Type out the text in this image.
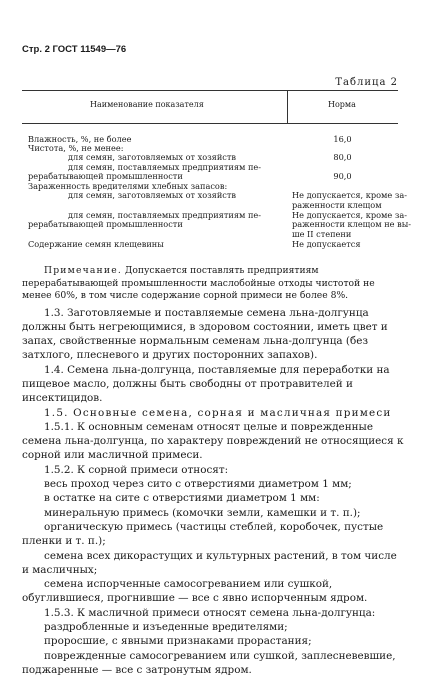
Стр. 2 ГОСТ 11549—76
Таблица 2
Наименование показателя	Норма
Влажность, %, не более	16,0
Чистота, %, не менее:
для семян, заготовляемых от хозяйств	80,0
для семян, поставляемых предприятиям пе-
рерабатывающей промышленности	90,0
Зараженность вредителями хлебных запасов:
для семян, заготовляемых от хозяйств	Не допускается, кроме за-
раженности клещом
для семян, поставляемых предприятиям пе-	Не допускается, кроме за-
рерабатывающей промышленности	раженности клещом не вы-
ше II степени
Содержание семян клещевины	Не допускается

Примечание. Допускается поставлять предприятиям перерабатывающей промышленности маслобойные отходы чистотой не менее 60%, в том числе содержание сорной примеси не более 8%.

1.3. Заготовляемые и поставляемые семена льна-долгунца должны быть негреющимися, в здоровом состоянии, иметь цвет и запах, свойственные нормальным семенам льна-долгунца (без затхлого, плесневого и других посторонних запахов).

1.4. Семена льна-долгунца, поставляемые для переработки на пищевое масло, должны быть свободны от протравителей и инсектицидов.

1.5. Основные семена, сорная и масличная примеси

1.5.1. К основным семенам относят целые и поврежденные семена льна-долгунца, по характеру повреждений не относящиеся к сорной или масличной примеси.

1.5.2. К сорной примеси относят:

весь проход через сито с отверстиями диаметром 1 мм;

в остатке на сите с отверстиями диаметром 1 мм:

минеральную примесь (комочки земли, камешки и т. п.);

органическую примесь (частицы стеблей, коробочек, пустые пленки и т. п.);

семена всех дикорастущих и культурных растений, в том числе и масличных;

семена испорченные самосогреванием или сушкой, обуглившиеся, прогнившие — все с явно испорченным ядром.

1.5.3. К масличной примеси относят семена льна-долгунца:

раздробленные и изъеденные вредителями;

проросшие, с явными признаками прорастания;

поврежденные самосогреванием или сушкой, заплесневевшие, поджаренные — все с затронутым ядром.
